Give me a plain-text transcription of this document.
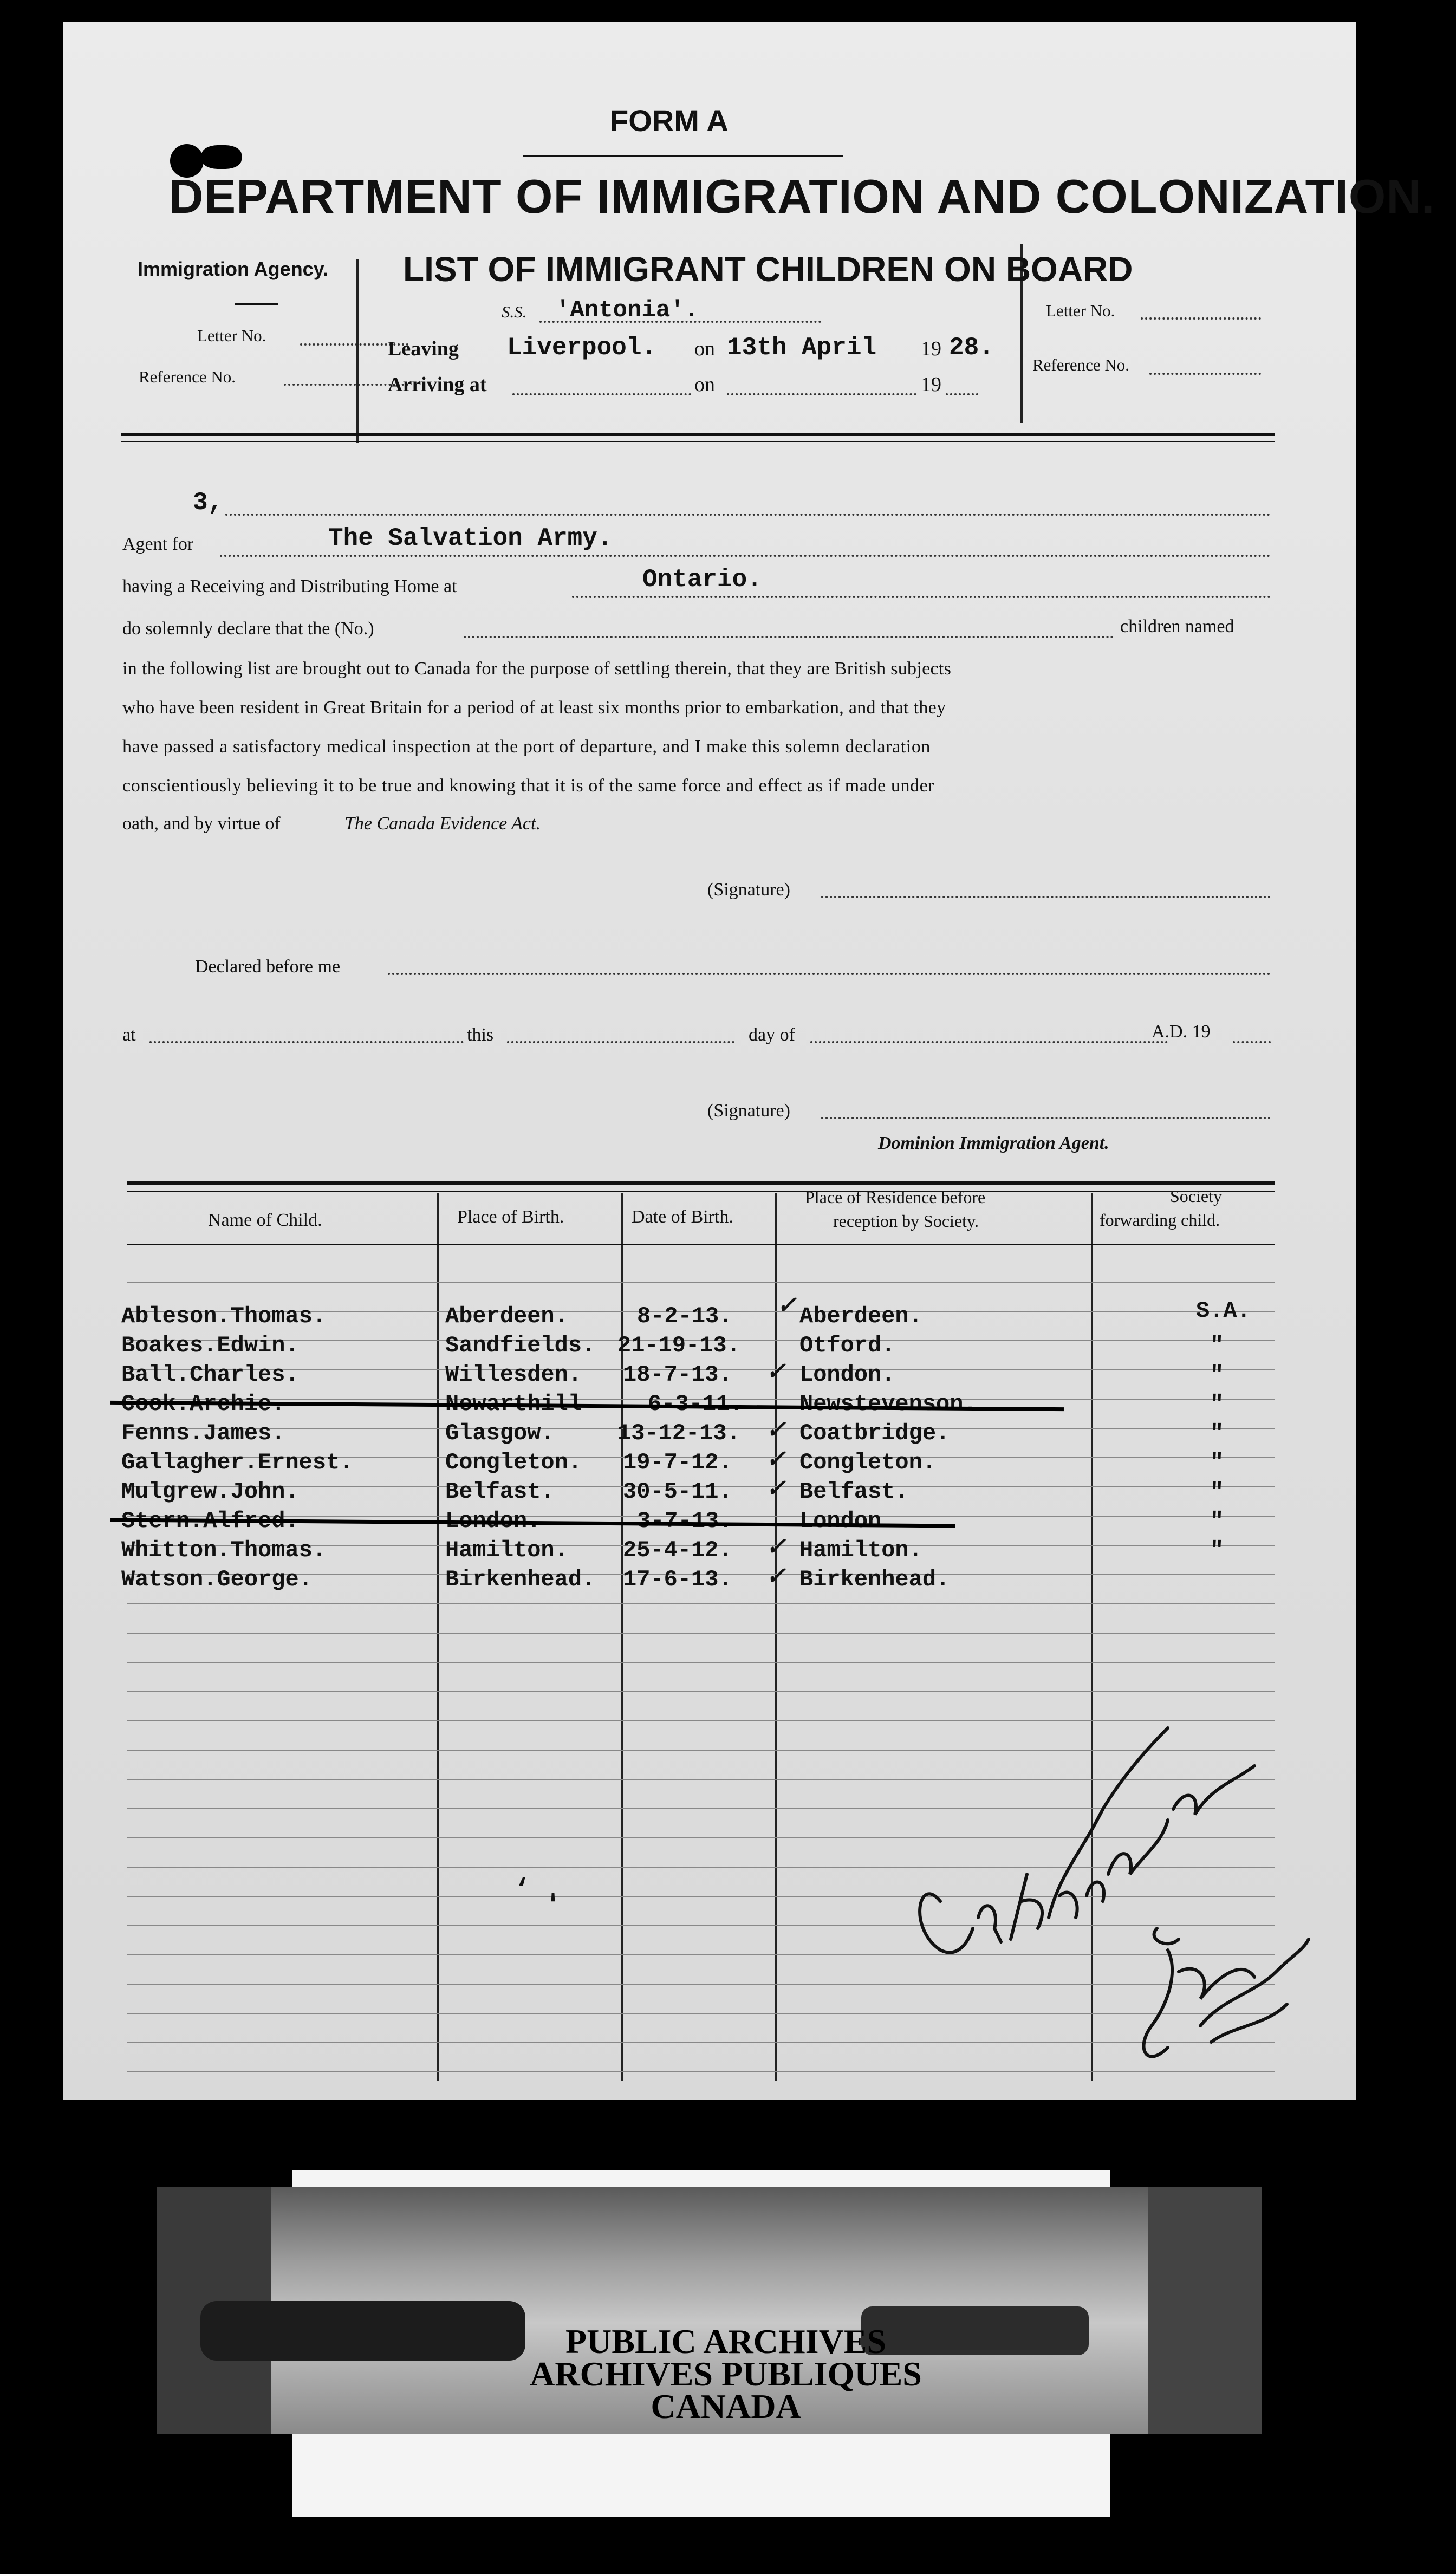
FORM A
DEPARTMENT OF IMMIGRATION AND COLONIZATION.
Immigration Agency.
Letter No.
Reference No.
LIST OF IMMIGRANT CHILDREN ON BOARD
S.S. 'Antonia'.
Leaving Liverpool. on 13th April 19 28.
Arriving at	on	19
Letter No.
Reference No.
3,
Agent for	The Salvation Army.
having a Receiving and Distributing Home at	Ontario.
do solemnly declare that the (No.)	children named
in the following list are brought out to Canada for the purpose of settling therein, that they are British subjects
who have been resident in Great Britain for a period of at least six months prior to embarkation, and that they
have passed a satisfactory medical inspection at the port of departure, and I make this solemn declaration
conscientiously believing it to be true and knowing that it is of the same force and effect as if made under
oath, and by virtue of	The Canada Evidence Act.
(Signature)
Declared before me
at	this	day of	A.D. 19
(Signature)
Dominion Immigration Agent.
Name of Child.	Place of Birth.	Date of Birth.
Place of Residence before
reception by Society.
Society
forwarding child.
Ableson.Thomas.	Aberdeen.	8-2-13. ✓ Aberdeen.	S.A.
Boakes.Edwin.	Sandfields. 21-19-13.	Otford.	"
Ball.Charles.	Willesden. 18-7-13. ✓ London.	"
Cook.Archie.	Newarthill	6-3-11. Newstevenson.	"
Fenns.James.	Glasgow.	13-12-13. ✓ Coatbridge.	"
Gallagher.Ernest.	Congleton. 19-7-12. ✓ Congleton.	"
Mulgrew.John.	Belfast.	30-5-11. ✓ Belfast.	"
Stern.Alfred.	London.	3-7-13.	London.	"
Whitton.Thomas.	Hamilton. 25-4-12. ✓ Hamilton.	"
Watson.George.	Birkenhead. 17-6-13. ✓ Birkenhead.
' ,
PUBLIC ARCHIVES
ARCHIVES PUBLIQUES
CANADA
